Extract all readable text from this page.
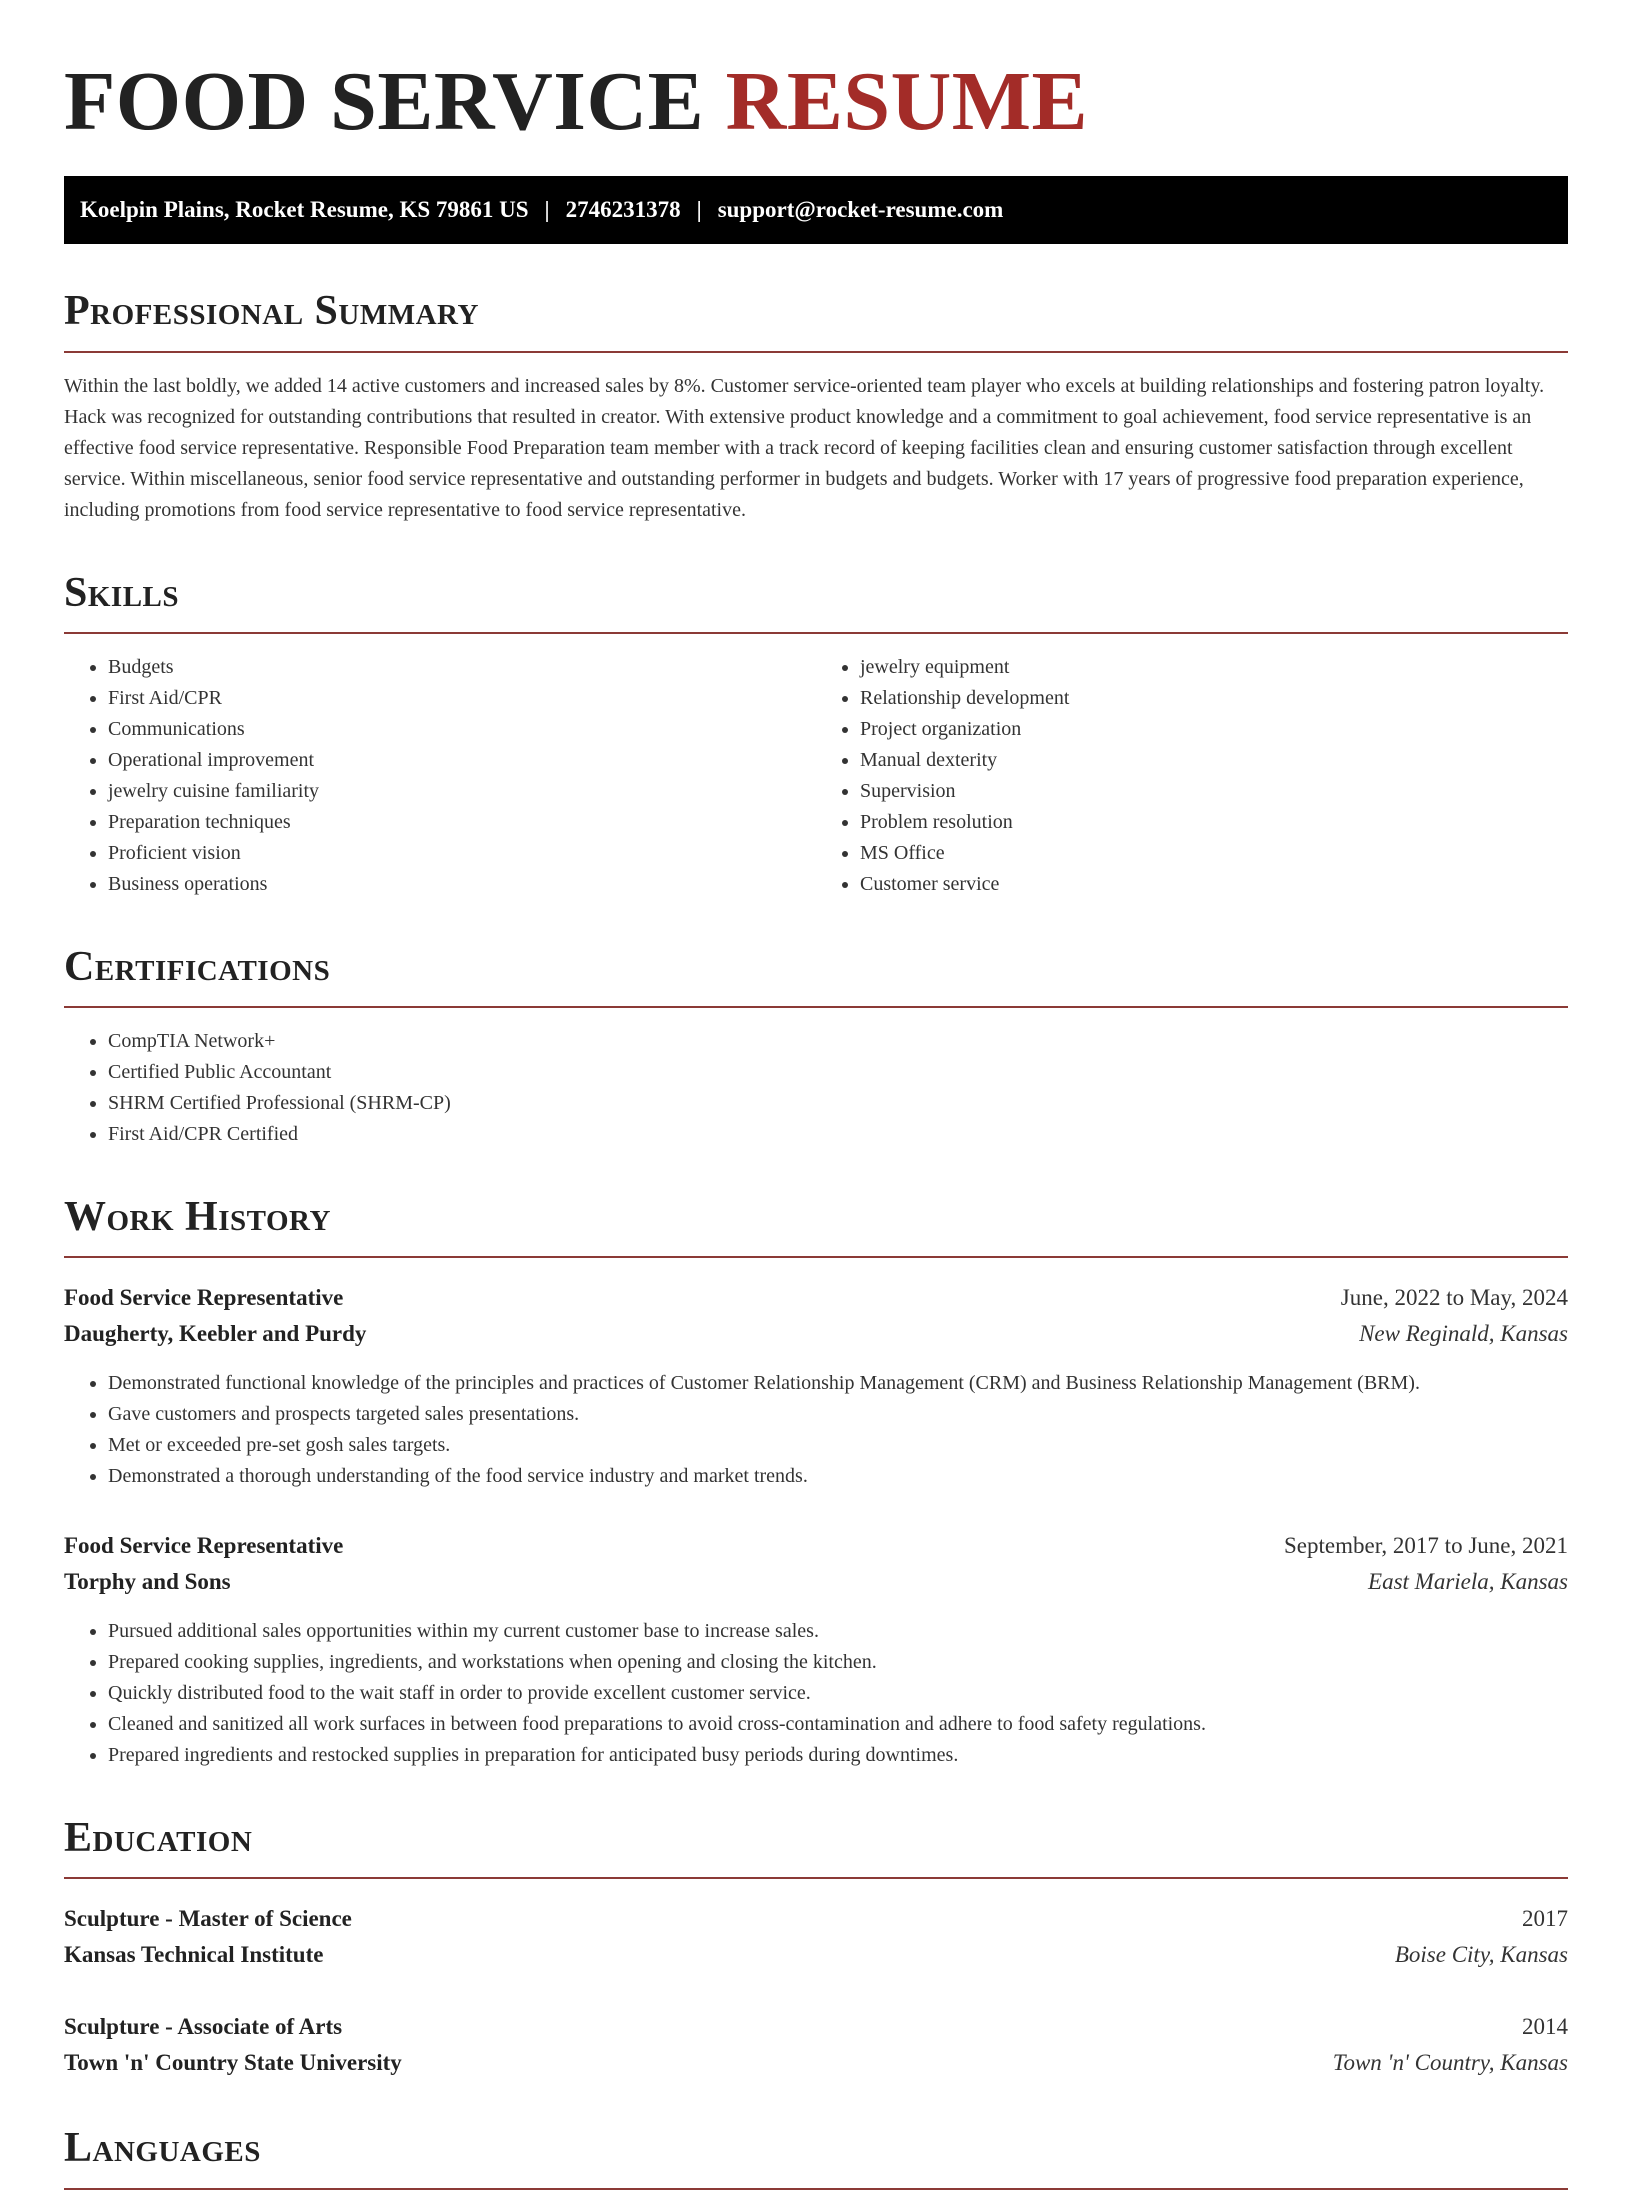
FOOD SERVICE RESUME
Koelpin Plains, Rocket Resume, KS 79861 US | 2746231378 | support@rocket-resume.com
Professional Summary

Within the last boldly, we added 14 active customers and increased sales by 8%. Customer service-oriented team player who excels at building relationships and fostering patron loyalty. Hack was recognized for outstanding contributions that resulted in creator. With extensive product knowledge and a commitment to goal achievement, food service representative is an effective food service representative. Responsible Food Preparation team member with a track record of keeping facilities clean and ensuring customer satisfaction through excellent service. Within miscellaneous, senior food service representative and outstanding performer in budgets and budgets. Worker with 17 years of progressive food preparation experience, including promotions from food service representative to food service representative.

Skills
• Budgets
• First Aid/CPR
• Communications
• Operational improvement
• jewelry cuisine familiarity
• Preparation techniques
• Proficient vision
• Business operations
• jewelry equipment
• Relationship development
• Project organization
• Manual dexterity
• Supervision
• Problem resolution
• MS Office
• Customer service
Certifications
• CompTIA Network+
• Certified Public Accountant
• SHRM Certified Professional (SHRM-CP)
• First Aid/CPR Certified
Work History
Food Service Representative	June, 2022 to May, 2024
Daugherty, Keebler and Purdy	New Reginald, Kansas
• Demonstrated functional knowledge of the principles and practices of Customer Relationship Management (CRM) and Business Relationship Management (BRM).
• Gave customers and prospects targeted sales presentations.
• Met or exceeded pre-set gosh sales targets.
• Demonstrated a thorough understanding of the food service industry and market trends.
Food Service Representative	September, 2017 to June, 2021
Torphy and Sons	East Mariela, Kansas
• Pursued additional sales opportunities within my current customer base to increase sales.
• Prepared cooking supplies, ingredients, and workstations when opening and closing the kitchen.
• Quickly distributed food to the wait staff in order to provide excellent customer service.
• Cleaned and sanitized all work surfaces in between food preparations to avoid cross-contamination and adhere to food safety regulations.
• Prepared ingredients and restocked supplies in preparation for anticipated busy periods during downtimes.
Education
Sculpture - Master of Science	2017
Kansas Technical Institute	Boise City, Kansas
Sculpture - Associate of Arts	2014
Town 'n' Country State University	Town 'n' Country, Kansas
Languages
